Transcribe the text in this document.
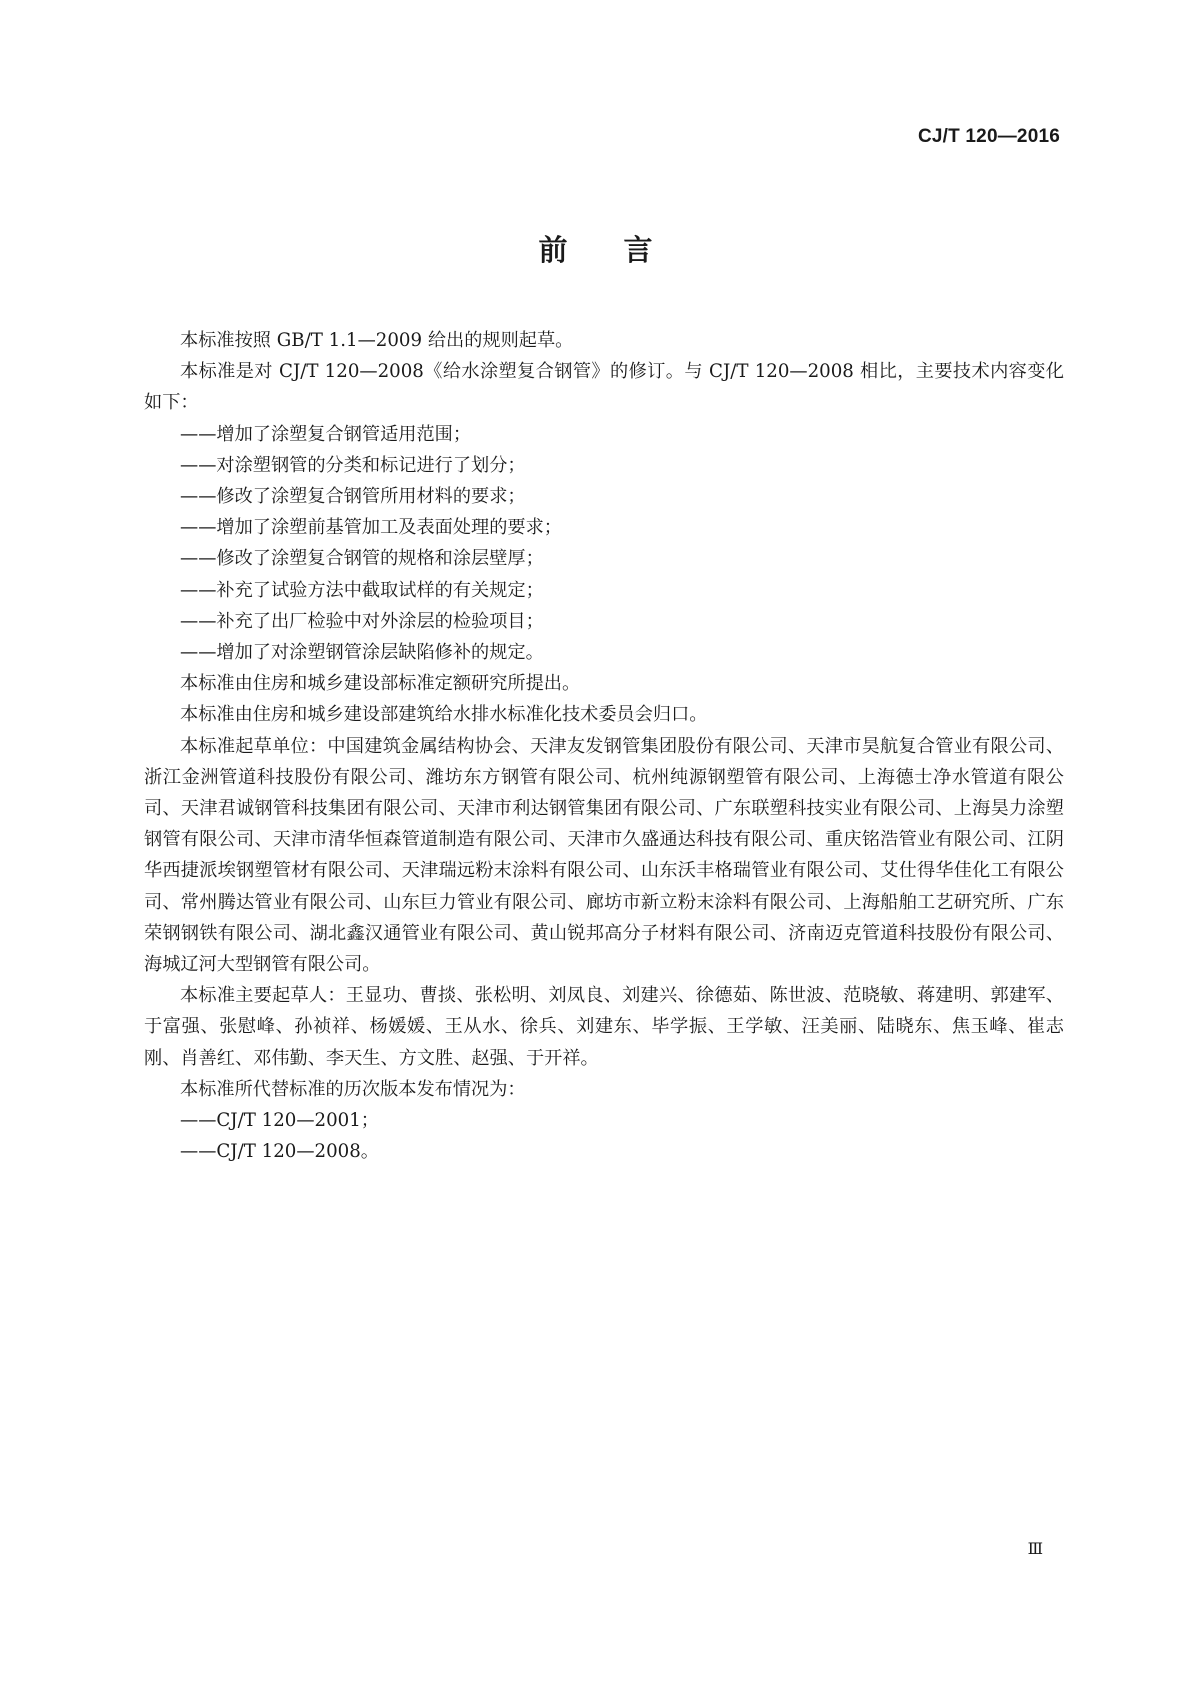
CJ/T 120—2016
前 言

本标准按照 GB/T 1.1—2009 给出的规则起草。

本标准是对 CJ/T 120—2008《给水涂塑复合钢管》的修订。与 CJ/T 120—2008 相比，主要技术内容变化如下：

——增加了涂塑复合钢管适用范围；

——对涂塑钢管的分类和标记进行了划分；

——修改了涂塑复合钢管所用材料的要求；

——增加了涂塑前基管加工及表面处理的要求；

——修改了涂塑复合钢管的规格和涂层壁厚；

——补充了试验方法中截取试样的有关规定；

——补充了出厂检验中对外涂层的检验项目；

——增加了对涂塑钢管涂层缺陷修补的规定。

本标准由住房和城乡建设部标准定额研究所提出。

本标准由住房和城乡建设部建筑给水排水标准化技术委员会归口。

本标准起草单位：中国建筑金属结构协会、天津友发钢管集团股份有限公司、天津市昊航复合管业有限公司、浙江金洲管道科技股份有限公司、潍坊东方钢管有限公司、杭州纯源钢塑管有限公司、上海德士净水管道有限公司、天津君诚钢管科技集团有限公司、天津市利达钢管集团有限公司、广东联塑科技实业有限公司、上海昊力涂塑钢管有限公司、天津市清华恒森管道制造有限公司、天津市久盛通达科技有限公司、重庆铭浩管业有限公司、江阴华西捷派埃钢塑管材有限公司、天津瑞远粉末涂料有限公司、山东沃丰格瑞管业有限公司、艾仕得华佳化工有限公司、常州腾达管业有限公司、山东巨力管业有限公司、廊坊市新立粉末涂料有限公司、上海船舶工艺研究所、广东荣钢钢铁有限公司、湖北鑫汉通管业有限公司、黄山锐邦高分子材料有限公司、济南迈克管道科技股份有限公司、海城辽河大型钢管有限公司。

本标准主要起草人：王显功、曹掞、张松明、刘凤良、刘建兴、徐德茹、陈世波、范晓敏、蒋建明、郭建军、于富强、张慰峰、孙祯祥、杨媛媛、王从水、徐兵、刘建东、毕学振、王学敏、汪美丽、陆晓东、焦玉峰、崔志刚、肖善红、邓伟勤、李天生、方文胜、赵强、于开祥。

本标准所代替标准的历次版本发布情况为：

——CJ/T 120—2001；

——CJ/T 120—2008。

Ⅲ
